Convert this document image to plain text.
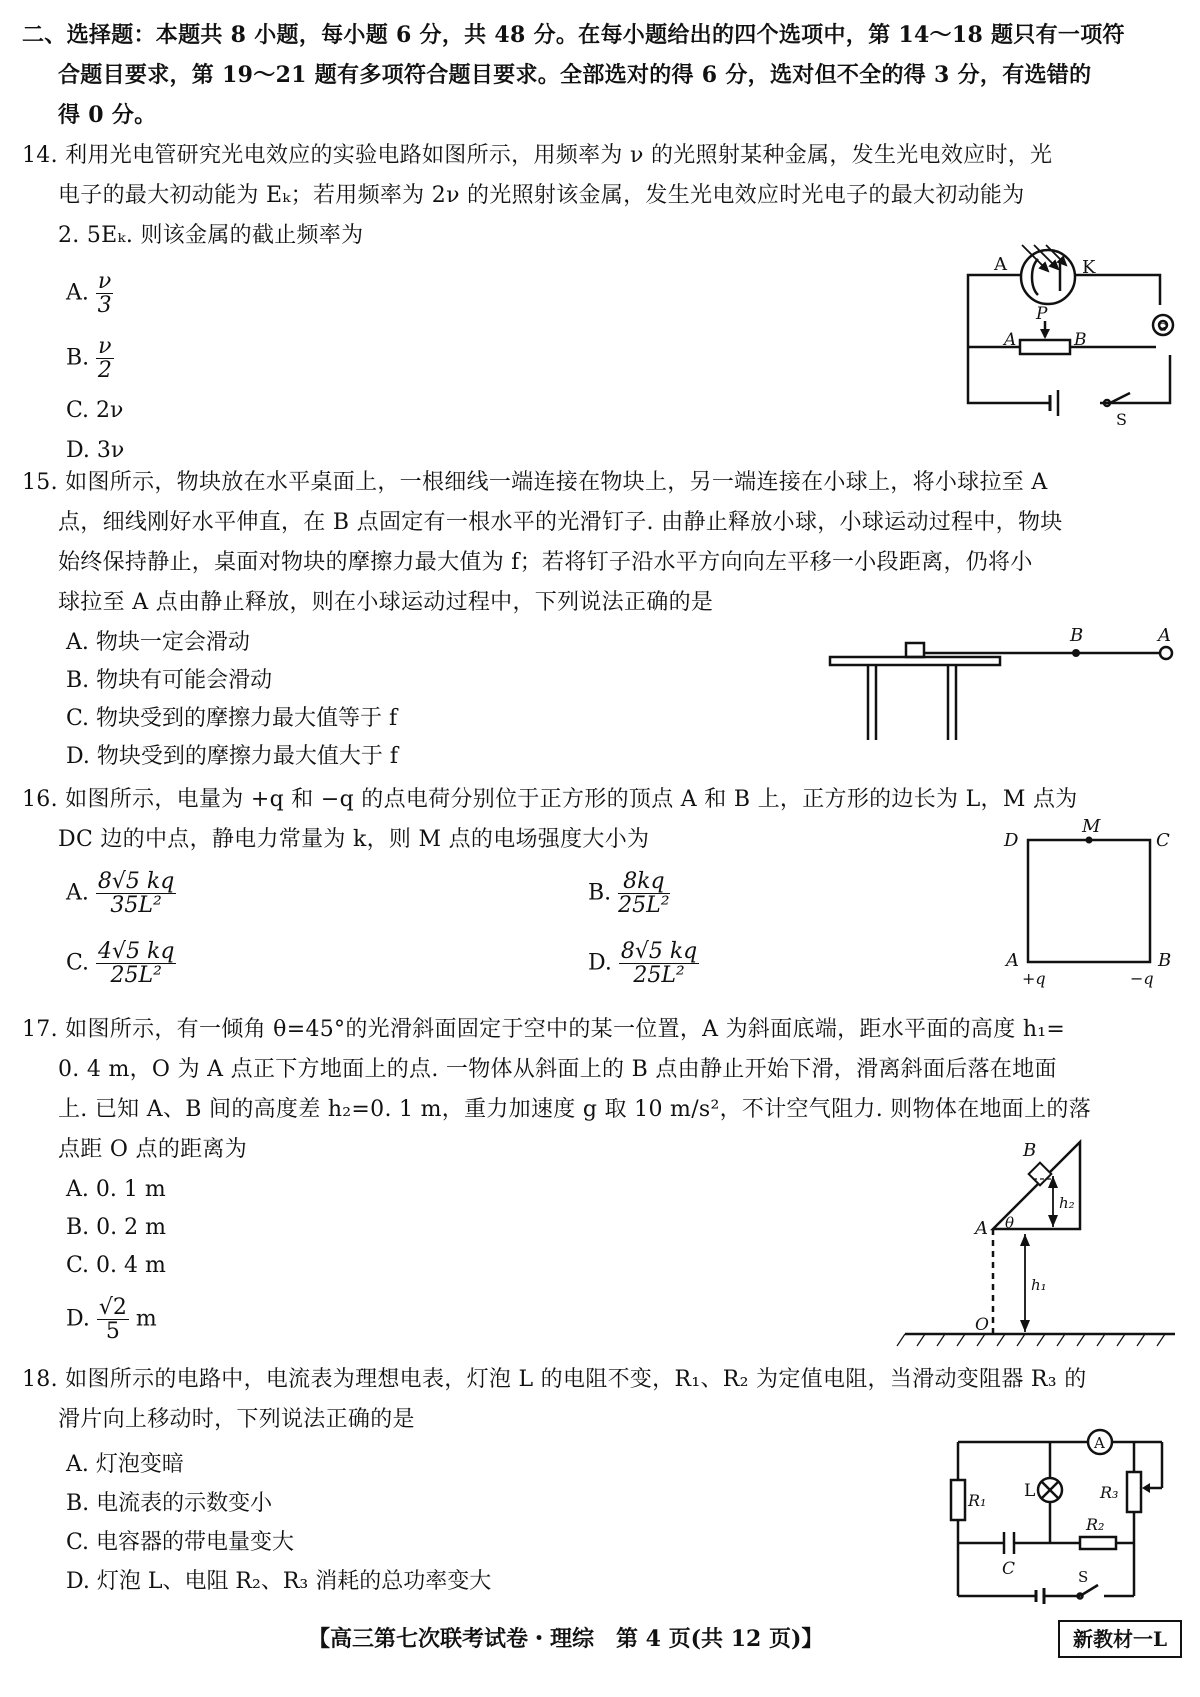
二、选择题：本题共 8 小题，每小题 6 分，共 48 分。在每小题给出的四个选项中，第 14～18 题只有一项符
合题目要求，第 19～21 题有多项符合题目要求。全部选对的得 6 分，选对但不全的得 3 分，有选错的
得 0 分。
14. 利用光电管研究光电效应的实验电路如图所示，用频率为 ν 的光照射某种金属，发生光电效应时，光
电子的最大初动能为 Eₖ；若用频率为 2ν 的光照射该金属，发生光电效应时光电子的最大初动能为
2. 5Eₖ. 则该金属的截止频率为
A. $\frac{\nu}{3}$
B. $\frac{\nu}{2}$
C. 2ν
D. 3ν
A	K
G
P
A	B
S
15. 如图所示，物块放在水平桌面上，一根细线一端连接在物块上，另一端连接在小球上，将小球拉至 A
点，细线刚好水平伸直，在 B 点固定有一根水平的光滑钉子. 由静止释放小球，小球运动过程中，物块
始终保持静止，桌面对物块的摩擦力最大值为 f；若将钉子沿水平方向向左平移一小段距离，仍将小
球拉至 A 点由静止释放，则在小球运动过程中，下列说法正确的是
A. 物块一定会滑动
B. 物块有可能会滑动
C. 物块受到的摩擦力最大值等于 f
D. 物块受到的摩擦力最大值大于 f
B	A
16. 如图所示，电量为 +q 和 −q 的点电荷分别位于正方形的顶点 A 和 B 上，正方形的边长为 L，M 点为
DC 边的中点，静电力常量为 k，则 M 点的电场强度大小为
A. $\frac{8√5 kq}{\text{35L²}}$	B. $\frac{8kq}{\text{25L²}}$
C. $\frac{4√5 kq}{\text{25L²}}$	D. $\frac{8√5 kq}{\text{25L²}}$
D
M
C
A	B
+q	−q
17. 如图所示，有一倾角 θ=45°的光滑斜面固定于空中的某一位置，A 为斜面底端，距水平面的高度 h₁=
0. 4 m，O 为 A 点正下方地面上的点. 一物体从斜面上的 B 点由静止开始下滑，滑离斜面后落在地面
上. 已知 A、B 间的高度差 h₂=0. 1 m，重力加速度 g 取 10 m/s²，不计空气阻力. 则物体在地面上的落
点距 O 点的距离为
A. 0. 1 m
B. 0. 2 m
C. 0. 4 m
D. $\frac{√2}{5}$ m
B
A θ
h₂
h₁
O
18. 如图所示的电路中，电流表为理想电表，灯泡 L 的电阻不变，R₁、R₂ 为定值电阻，当滑动变阻器 R₃ 的
滑片向上移动时，下列说法正确的是
A. 灯泡变暗
B. 电流表的示数变小
C. 电容器的带电量变大
D. 灯泡 L、电阻 R₂、R₃ 消耗的总功率变大
A
R₁ L	R₃
R₂
C	S
【高三第七次联考试卷・理综　第 4 页(共 12 页)】	新教材一L
